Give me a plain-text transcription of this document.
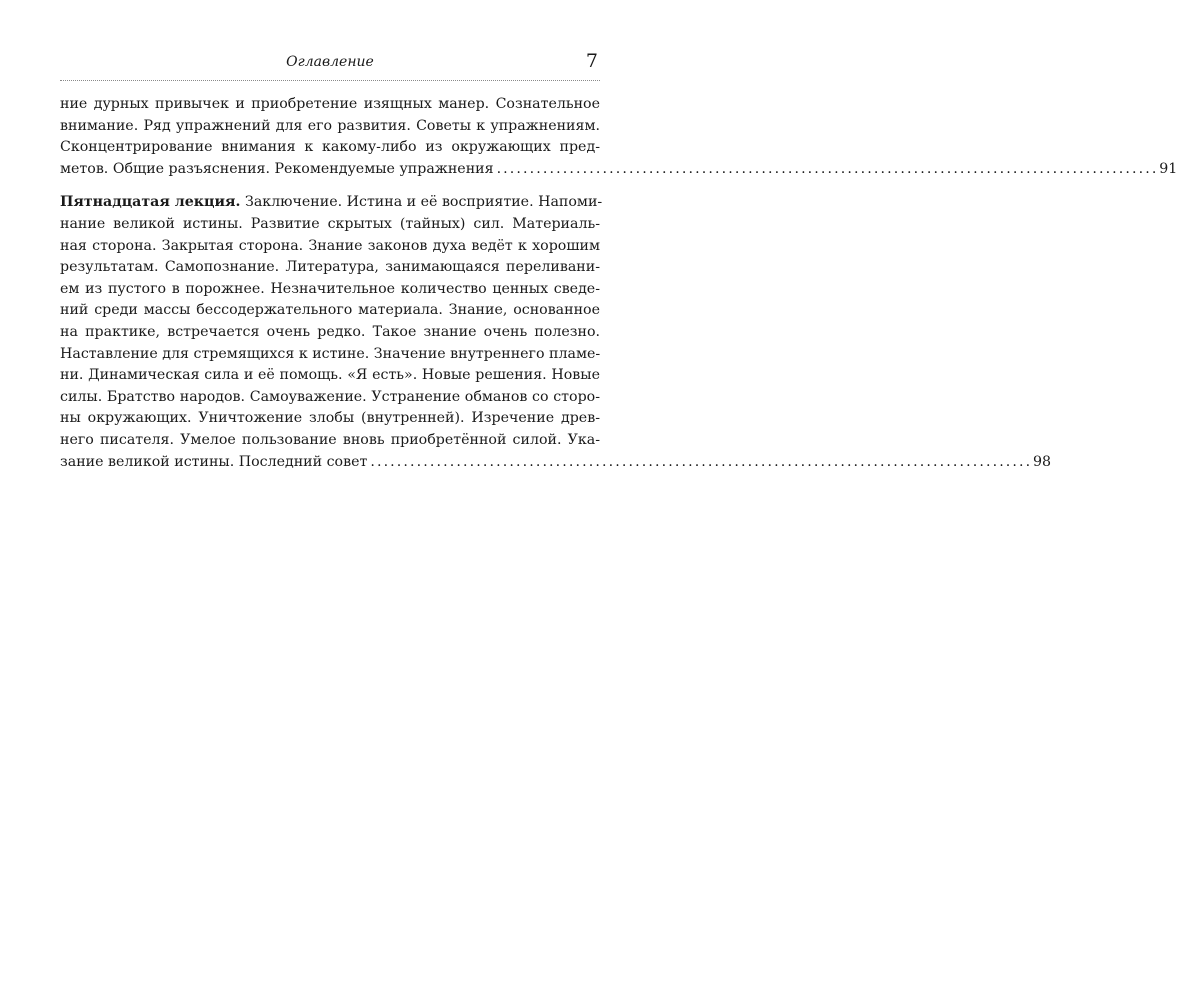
Оглавление	7
ние дурных привычек и приобретение изящных манер. Сознательное
внимание. Ряд упражнений для его развития. Советы к упражнениям.
Сконцентрирование внимания к какому-либо из окружающих пред-
метов. Общие разъяснения. Рекомендуемые упражнения . . .	91
Пятнадцатая лекция. Заключение. Истина и её восприятие. Напоми-
нание великой истины. Развитие скрытых (тайных) сил. Материаль-
ная сторона. Закрытая сторона. Знание законов духа ведёт к хорошим
результатам. Самопознание. Литература, занимающаяся переливани-
ем из пустого в порожнее. Незначительное количество ценных сведе-
ний среди массы бессодержательного материала. Знание, основанное
на практике, встречается очень редко. Такое знание очень полезно.
Наставление для стремящихся к истине. Значение внутреннего пламе-
ни. Динамическая сила и её помощь. «Я есть». Новые решения. Новые
силы. Братство народов. Самоуважение. Устранение обманов со сторо-
ны окружающих. Уничтожение злобы (внутренней). Изречение древ-
него писателя. Умелое пользование вновь приобретённой силой. Ука-
зание великой истины. Последний совет . . .	98
